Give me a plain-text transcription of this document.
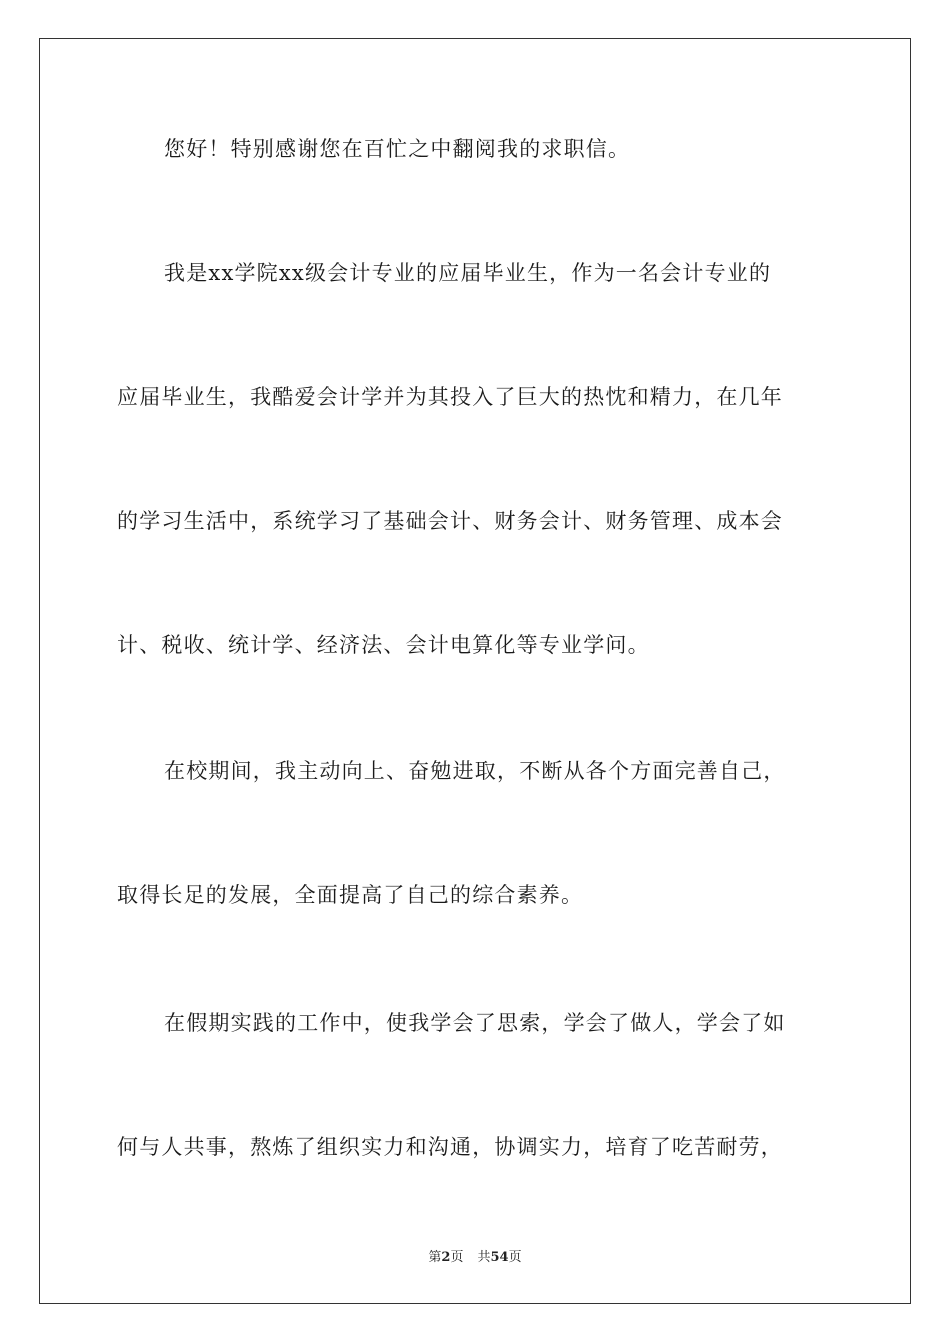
您好！特别感谢您在百忙之中翻阅我的求职信。
我是xx学院xx级会计专业的应届毕业生，作为一名会计专业的
应届毕业生，我酷爱会计学并为其投入了巨大的热忱和精力，在几年
的学习生活中，系统学习了基础会计、财务会计、财务管理、成本会
计、税收、统计学、经济法、会计电算化等专业学问。
在校期间，我主动向上、奋勉进取，不断从各个方面完善自己，
取得长足的发展，全面提高了自己的综合素养。
在假期实践的工作中，使我学会了思索，学会了做人，学会了如
何与人共事，熬炼了组织实力和沟通，协调实力，培育了吃苦耐劳，
第2页 共54页
